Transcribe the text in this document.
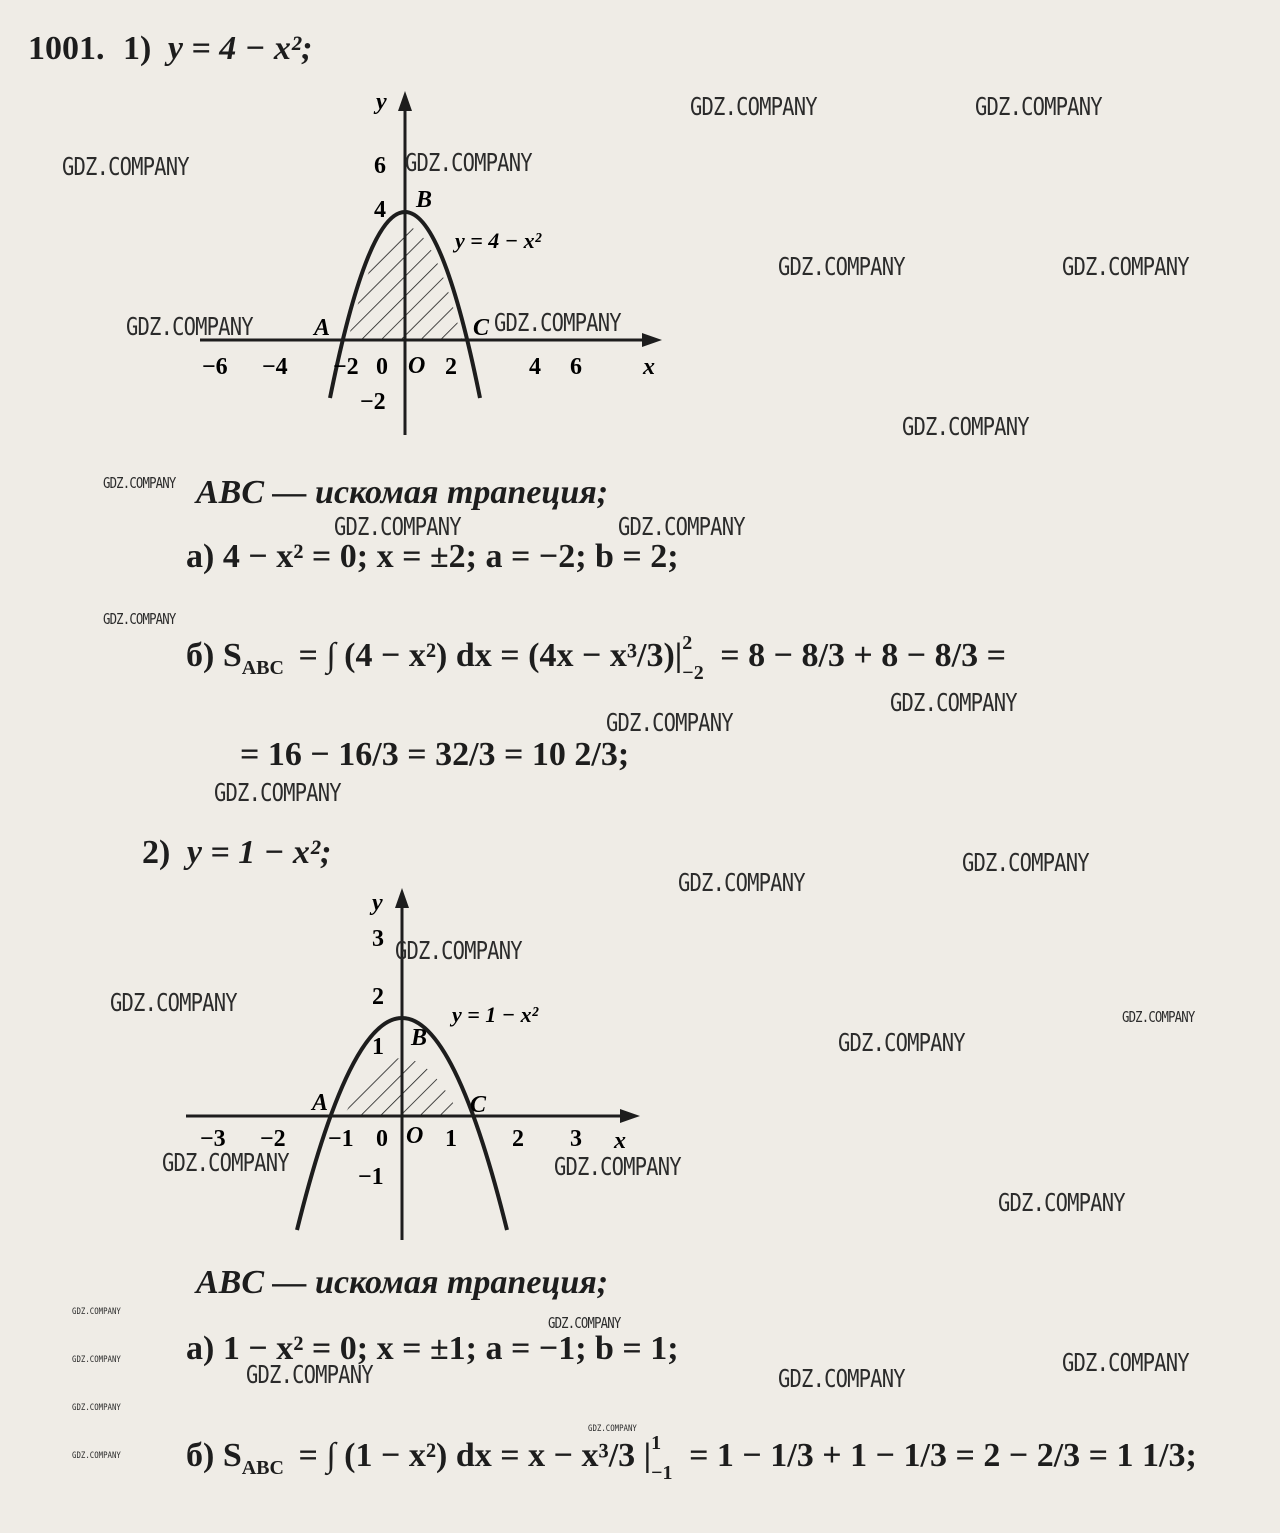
1001. 1) y = 4 − x²;
y
x
−6 −4 −2 0 2	4 6
O
6
4
−2
A
B
C
y = 4 − x²
ABC — искомая трапеция;
а) 4 − x² = 0; x = ±2; a = −2; b = 2;
б) $S_{ABC}$ = ∫ (4 − x²) dx = (4x − x³/3)| 2
−2 = 8 − 8/3 + 8 − 8/3 =
= 16 − 16/3 = 32/3 = 10 2/3;
2) y = 1 − x²;
y
x
−3 −2 −1 0 1 2 3
O
3
2
1
−1
A
B
C
y = 1 − x²
ABC — искомая трапеция;
а) 1 − x² = 0; x = ±1; a = −1; b = 1;
б) $S_{ABC}$ = ∫ (1 − x²) dx = x − x³/3 | 1
−1 = 1 − 1/3 + 1 − 1/3 = 2 − 2/3 = 1 1/3;
GDZ.COMPANY	GDZ.COMPANY
GDZ.COMPANY	GDZ.COMPANY
GDZ.COMPANY	GDZ.COMPANY
GDZ.COMPANY	GDZ.COMPANY
GDZ.COMPANY
GDZ.COMPANY
GDZ.COMPANY	GDZ.COMPANY
GDZ.COMPANY
GDZ.COMPANY
GDZ.COMPANY
GDZ.COMPANY
GDZ.COMPANY
GDZ.COMPANY
GDZ.COMPANY
GDZ.COMPANY	GDZ.COMPANY
GDZ.COMPANY
GDZ.COMPANY	GDZ.COMPANY
GDZ.COMPANY
GDZ.COMPANY
GDZ.COMPANY
GDZ.COMPANY	GDZ.COMPANY
GDZ.COMPANY	GDZ.COMPANY
GDZ.COMPANY
GDZ.COMPANY
GDZ.COMPANY
